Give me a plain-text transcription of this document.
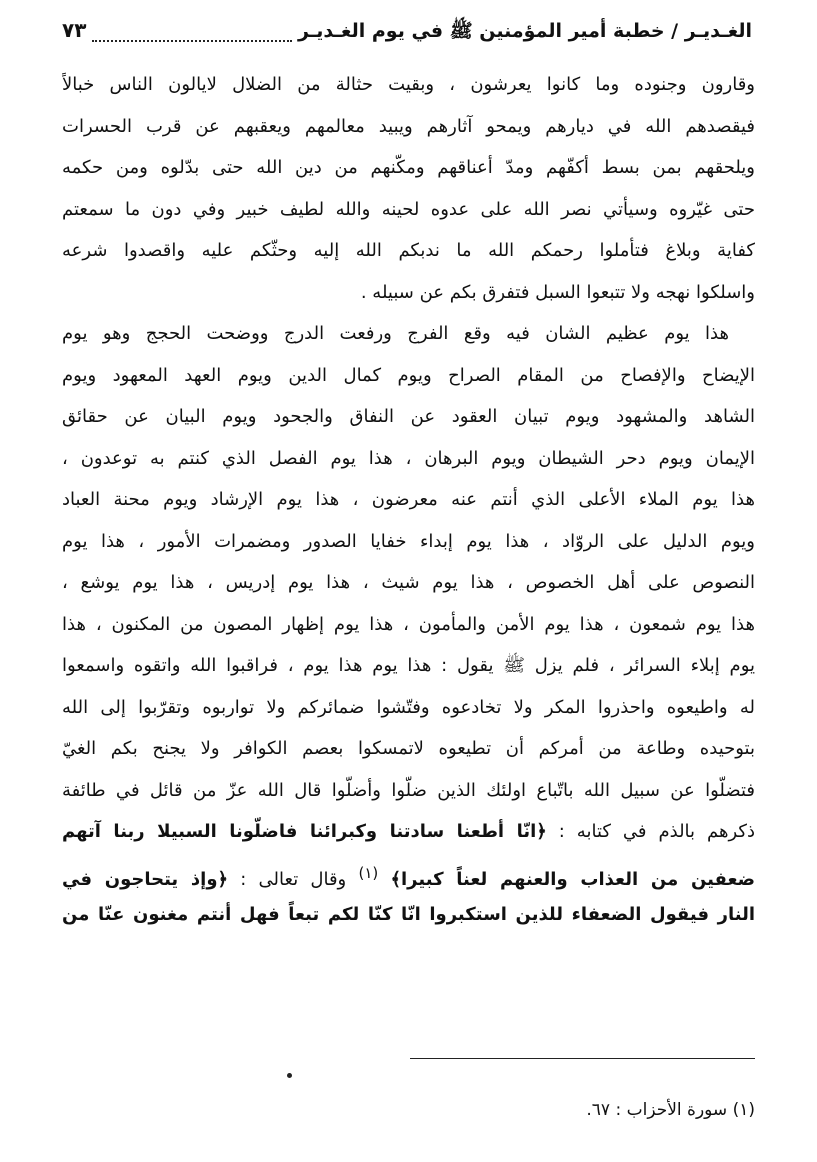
الغـديـر / خطبة أمير المؤمنين ﷺ في يوم الغـديـر
٧٣
وقارون وجنوده وما كانوا يعرشون ، وبقيت حثالة من الضلال لايالون الناس خبالاً
فيقصدهم الله في ديارهم ويمحو آثارهم ويبيد معالمهم ويعقبهم عن قرب الحسرات
ويلحقهم بمن بسط أكفّهم ومدّ أعناقهم ومكّنهم من دين الله حتى بدّلوه ومن حكمه
حتى غيّروه وسيأتي نصر الله على عدوه لحينه والله لطيف خبير وفي دون ما سمعتم
كفاية وبلاغ فتأملوا رحمكم الله ما ندبكم الله إليه وحثّكم عليه واقصدوا شرعه
واسلكوا نهجه ولا تتبعوا السبل فتفرق بكم عن سبيله .
هذا يوم عظيم الشان فيه وقع الفرج ورفعت الدرج ووضحت الحجج وهو يوم
الإيضاح والإفصاح من المقام الصراح ويوم كمال الدين ويوم العهد المعهود ويوم
الشاهد والمشهود ويوم تبيان العقود عن النفاق والجحود ويوم البيان عن حقائق
الإيمان ويوم دحر الشيطان ويوم البرهان ، هذا يوم الفصل الذي كنتم به توعدون ،
هذا يوم الملاء الأعلى الذي أنتم عنه معرضون ، هذا يوم الإرشاد ويوم محنة العباد
ويوم الدليل على الروّاد ، هذا يوم إبداء خفايا الصدور ومضمرات الأمور ، هذا يوم
النصوص على أهل الخصوص ، هذا يوم شيث ، هذا يوم إدريس ، هذا يوم يوشع ،
هذا يوم شمعون ، هذا يوم الأمن والمأمون ، هذا يوم إظهار المصون من المكنون ، هذا
يوم إبلاء السرائر ، فلم يزل ﷺ يقول : هذا يوم هذا يوم ، فراقبوا الله واتقوه واسمعوا
له واطيعوه واحذروا المكر ولا تخادعوه وفتّشوا ضمائركم ولا تواربوه وتقرّبوا إلى الله
بتوحيده وطاعة من أمركم أن تطيعوه لاتمسكوا بعصم الكوافر ولا يجنح بكم الغيّ
فتضلّوا عن سبيل الله باتّباع اولئك الذين ضلّوا وأضلّوا قال الله عزّ من قائل في طائفة
ذكرهم بالذم في كتابه : ﴿انّا أطعنا سادتنا وكبرائنا فاضلّونا السبيلا ربنا آتهم
ضعفين من العذاب والعنهم لعناً كبيرا﴾ $^{(١)}$ وقال تعالى : ﴿وإذ يتحاجون في
النار فيقول الضعفاء للذين استكبروا انّا كنّا لكم تبعاً فهل أنتم مغنون عنّا من
(١) سورة الأحزاب : ٦٧.
